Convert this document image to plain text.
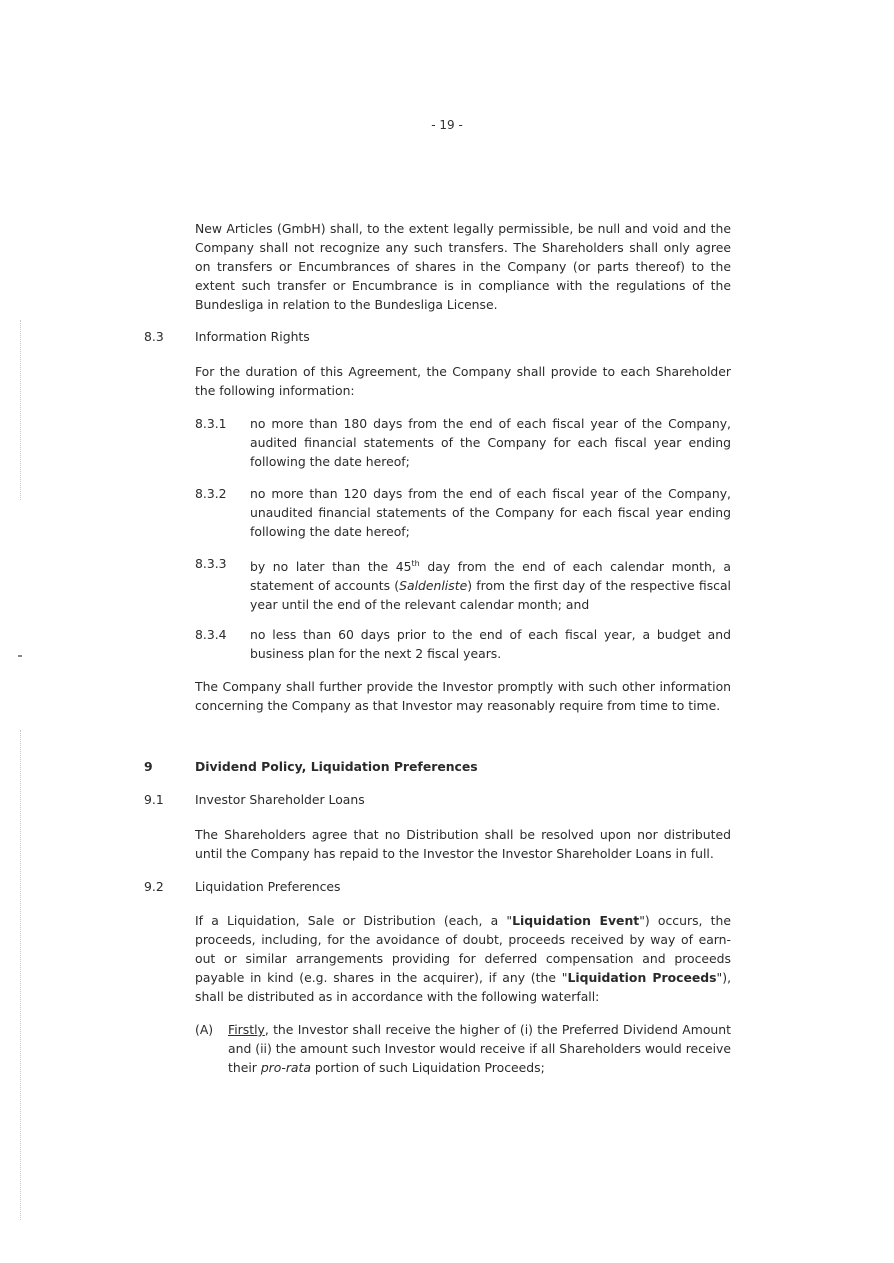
- 19 -

New Articles (GmbH) shall, to the extent legally permissible, be null and void and the Company shall not recognize any such transfers. The Shareholders shall only agree on transfers or Encumbrances of shares in the Company (or parts thereof) to the extent such transfer or Encumbrance is in compliance with the regulations of the Bundesliga in relation to the Bundesliga License.

8.3	Information Rights

For the duration of this Agreement, the Company shall provide to each Shareholder the following information:

8.3.1 no more than 180 days from the end of each fiscal year of the Company, audited financial statements of the Company for each fiscal year ending following the date hereof;

8.3.2 no more than 120 days from the end of each fiscal year of the Company, unaudited financial statements of the Company for each fiscal year ending following the date hereof;

8.3.3 by no later than the 45th day from the end of each calendar month, a statement of accounts (Saldenliste) from the first day of the respective fiscal year until the end of the relevant calendar month; and

8.3.4 no less than 60 days prior to the end of each fiscal year, a budget and business plan for the next 2 fiscal years.

The Company shall further provide the Investor promptly with such other information concerning the Company as that Investor may reasonably require from time to time.

9	Dividend Policy, Liquidation Preferences
9.1	Investor Shareholder Loans

The Shareholders agree that no Distribution shall be resolved upon nor distributed until the Company has repaid to the Investor the Investor Shareholder Loans in full.

9.2	Liquidation Preferences

If a Liquidation, Sale or Distribution (each, a "Liquidation Event") occurs, the proceeds, including, for the avoidance of doubt, proceeds received by way of earn-out or similar arrangements providing for deferred compensation and proceeds payable in kind (e.g. shares in the acquirer), if any (the "Liquidation Proceeds"), shall be distributed as in accordance with the following waterfall:

(A) Firstly, the Investor shall receive the higher of (i) the Preferred Dividend Amount and (ii) the amount such Investor would receive if all Shareholders would receive their pro-rata portion of such Liquidation Proceeds;
